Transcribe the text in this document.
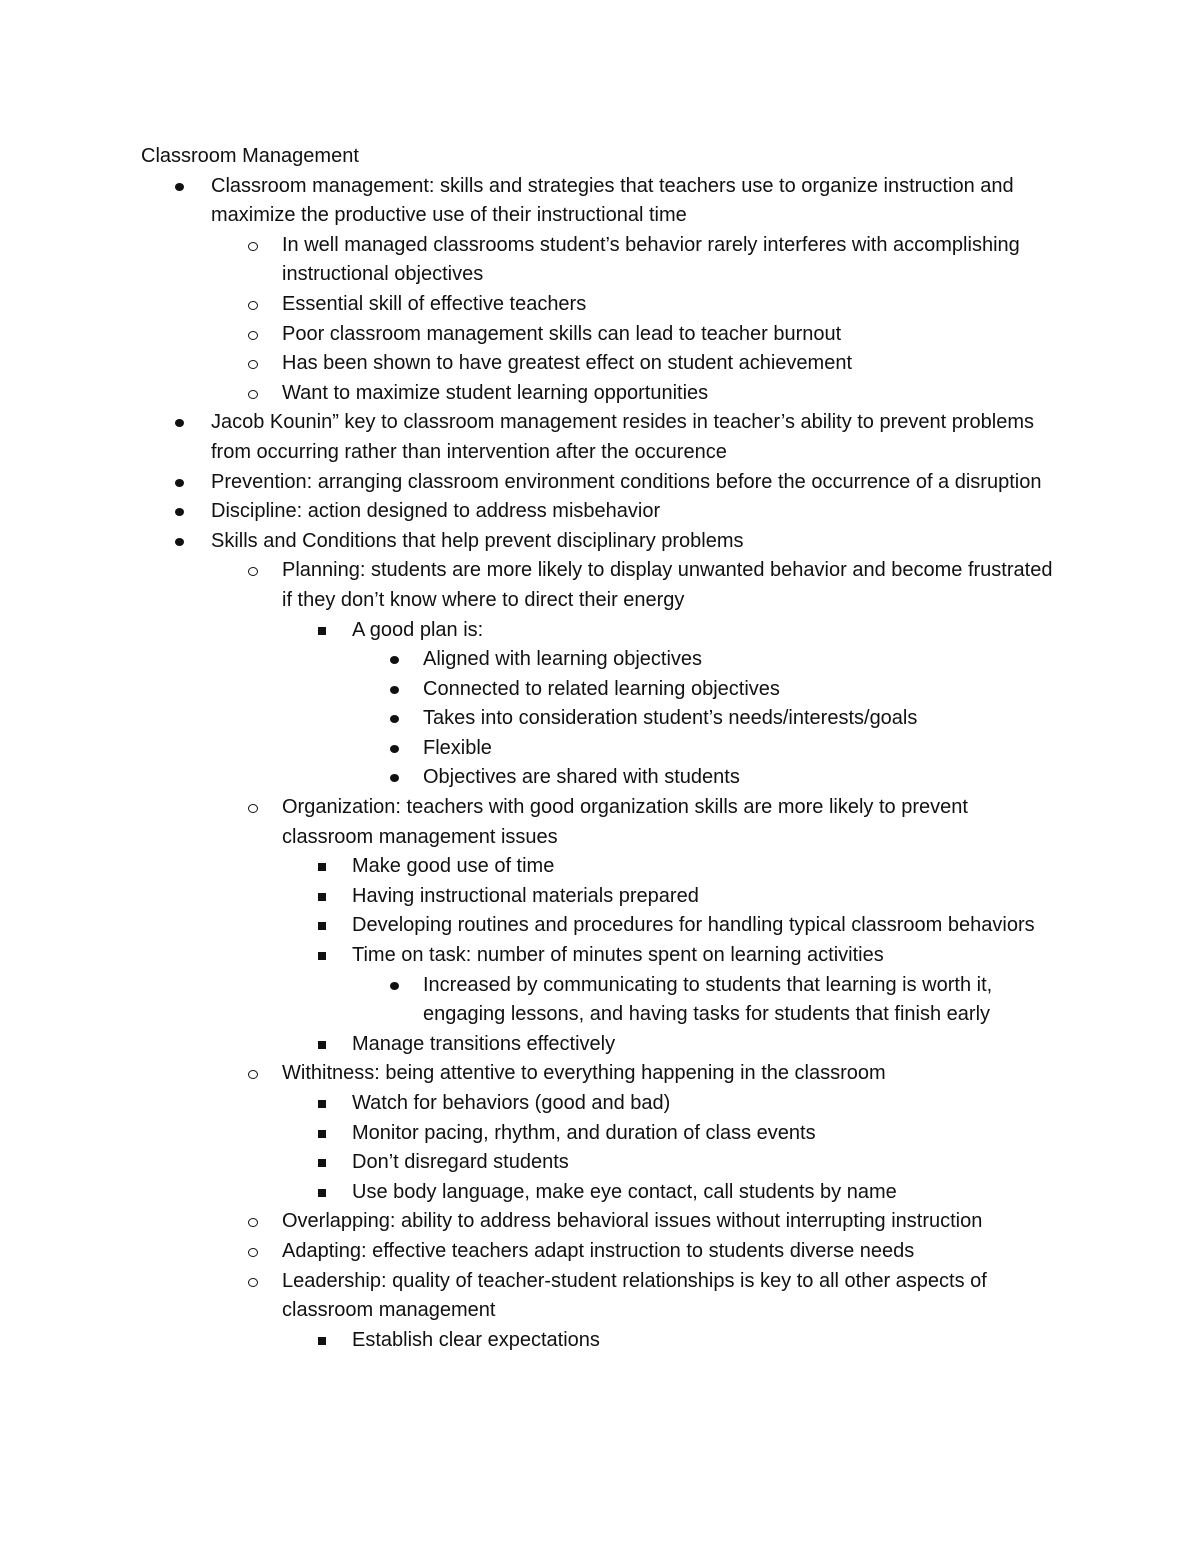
Classroom Management
Classroom management: skills and strategies that teachers use to organize instruction and maximize the productive use of their instructional time
In well managed classrooms student’s behavior rarely interferes with accomplishing instructional objectives
Essential skill of effective teachers
Poor classroom management skills can lead to teacher burnout
Has been shown to have greatest effect on student achievement
Want to maximize student learning opportunities
Jacob Kounin” key to classroom management resides in teacher’s ability to prevent problems from occurring rather than intervention after the occurence
Prevention: arranging classroom environment conditions before the occurrence of a disruption
Discipline: action designed to address misbehavior
Skills and Conditions that help prevent disciplinary problems
Planning: students are more likely to display unwanted behavior and become frustrated if they don’t know where to direct their energy
A good plan is:
Aligned with learning objectives
Connected to related learning objectives
Takes into consideration student’s needs/interests/goals
Flexible
Objectives are shared with students
Organization: teachers with good organization skills are more likely to prevent classroom management issues
Make good use of time
Having instructional materials prepared
Developing routines and procedures for handling typical classroom behaviors
Time on task: number of minutes spent on learning activities
Increased by communicating to students that learning is worth it, engaging lessons, and having tasks for students that finish early
Manage transitions effectively
Withitness: being attentive to everything happening in the classroom
Watch for behaviors (good and bad)
Monitor pacing, rhythm, and duration of class events
Don’t disregard students
Use body language, make eye contact, call students by name
Overlapping: ability to address behavioral issues without interrupting instruction
Adapting: effective teachers adapt instruction to students diverse needs
Leadership: quality of teacher-student relationships is key to all other aspects of classroom management
Establish clear expectations
